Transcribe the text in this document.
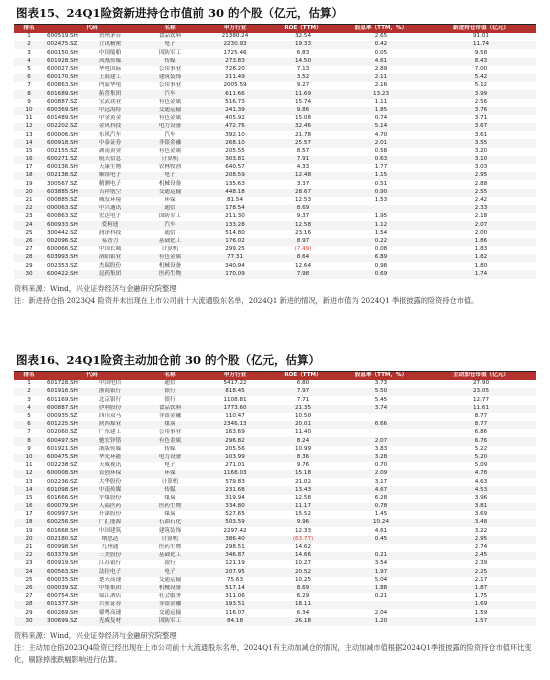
图表15、24Q1险资新进持仓市值前 30 的个股（亿元，估算）
排名	代码		名称	申万行业	ROE（TTM）	股息率（TTM，%）	新进持仓市值（亿元）
1	600519.SH	贵州茅台	食品饮料	21380.24	32.54	2.65	91.01
2	002475.SZ	立讯精密	电子	2230.93	19.33	0.42	11.74
3	600150.SH	中国船舶	国防军工	1725.46	6.83	0.05	9.58
4	601928.SH	凤凰传媒	传媒	273.83	14.50	4.61	8.43
5	600027.SH	华电国际	公用事业	728.20	7.13	2.89	7.00
6	600170.SH	上海建工	建筑装饰	211.49	3.52	2.11	5.42
7	600863.SH	内蒙华电	公用事业	2005.59	9.27	2.16	5.12
8	601689.SH	拓普集团	汽车	611.66	11.69	13.23	3.99
9	600887.SZ	宝武镁业	有色金属	516.73	15.74	1.11	2.56
10	600369.SH	中远海特	交通运输	241.39	9.86	1.85	3.76
11	601489.SH	中金黄金	有色金属	405.92	15.08	0.74	3.71
12	002202.SZ	金风科技	电力设备	472.76	32.46	5.14	3.67
13	600006.SH	东风汽车	汽车	392.10	21.78	4.70	3.61
14	600918.SH	中泰证券	非银金融	268.10	25.57	2.01	3.55
15	002155.SZ	湖南黄金	有色金属	205.55	8.57	0.58	3.20
16	600271.SZ	航天信息	计算机	303.81	7.91	0.63	3.10
17	600136.SH	天康生物	农林牧渔	640.57	4.33	1.77	3.03
18	002138.SZ	顺络电子	电子	208.59	12.48	1.15	2.95
19	300567.SZ	精测电子	机械设备	135.63	3.37	0.51	2.88
20	603885.SH	吉祥航空	交通运输	448.18	28.67	0.90	2.55
21	000885.SZ	城发环境	环保	81.54	12.53	1.53	2.42
22	000063.SZ	中兴通讯	通信	178.54	8.69		2.33
23	600863.SZ	宏达电子	国防军工	211.30	9.37	1.95	2.18
24	600933.SH	爱柯迪	汽车	133.28	12.58	1.12	2.07
25	300442.SZ	润泽科技	通信	514.80	23.16	1.54	2.00
26	002096.SZ	易普力	基础化工	176.02	8.97	0.22	1.86
27	600066.SZ	中国长城	计算机	299.25	(7.49)	0.08	1.83
28	603993.SH	洛阳钼业	有色金属	77.31	8.64	6.89	1.82
29	002353.SZ	杰瑞股份	机械设备	340.94	12.64	0.98	1.80
30	600422.SH	昆药集团	医药生物	170.09	7.98	0.69	1.74
资料来源：Wind，兴业证券经济与金融研究院整理
注：新进持仓指 2023Q4 险资并未出现在上市公司前十大流通股东名单，2024Q1 新进的情况，新进市值为 2024Q1 季报披露的险资持仓市值。
图表16、24Q1险资主动加仓前 30 的个股（亿元，估算）
排名	代码		名称	申万行业	ROE（TTM）	股息率（TTM，%）	主动加仓市值（亿元）
1	601728.SH	中国电信	通信	5417.22	6.80	3.73	27.90
2	601916.SH	浙商银行	银行	818.45	7.97	5.50	23.05
3	601169.SH	北京银行	银行	1108.81	7.71	5.45	12.77
4	600887.SH	伊利股份	食品饮料	1773.60	21.35	3.74	11.61
5	000935.SZ	四川双马	非银金融	110.47	10.50		8.77
6	601225.SH	陕西煤业	煤炭	2346.13	20.01	6.66	8.77
7	002060.SZ	广东建工	公用事业	163.69	11.40		6.86
8	600497.SH	驰宏锌锗	有色金属	296.82	8.24	2.07	6.76
9	601921.SH	浙版传媒	传媒	205.56	10.99	3.83	5.22
10	600475.SH	华光环能	电力设备	103.99	8.36	3.28	5.20
11	002238.SZ	天威视讯	电子	271.01	9.76	0.70	5.09
12	600008.SH	首创环保	环保	1168.03	15.18	2.09	4.78
13	002236.SZ	大华股份	计算机	579.83	21.02	3.17	4.63
14	601098.SH	中南传媒	传媒	231.68	13.43	4.67	4.53
15	601666.SH	平煤股份	煤炭	319.94	12.58	6.28	3.96
16	600079.SH	人福医药	医药生物	334.80	11.17	0.78	3.81
17	600997.SH	开滦股份	煤炭	527.65	15.52	1.45	3.69
18	600256.SH	广汇能源	石油石化	503.59	9.96	10.24	3.48
19	601668.SH	中国建筑	建筑装饰	2297.42	12.33	4.61	3.22
20	002180.SZ	纳思达	计算机	386.40	(63.77)	0.45	2.95
21	600998.SH	九州通	医药生物	298.51	14.62		2.74
22	603379.SH	三美股份	基础化工	346.87	14.66	0.21	2.45
23	600919.SH	江苏银行	银行	121.19	10.27	3.54	2.39
24	600563.SH	法拉电子	电子	207.95	20.52	1.97	2.25
25	600035.SH	楚天高速	交通运输	75.63	10.25	5.04	2.17
26	000039.SZ	中集集团	机械设备	517.14	8.69	1.88	1.87
27	600754.SH	锦江酒店	社会服务	311.06	6.29	0.21	1.75
28	601377.SH	兴业证券	非银金融	193.51	18.11		1.69
29	600269.SH	赣粤高速	交通运输	116.07	6.34	2.04	1.59
30	300699.SZ	光威复材	国防军工	84.18	26.18	1.20	1.57
资料来源：Wind，兴业证券经济与金融研究院整理
注：主动加仓指2023Q4险资已经出现在上市公司前十大流通股东名单，2024Q1有主动加减仓的情况，主动加减市值根据2024Q1季报披露的险资持仓市值环比变化，剔除掉涨跌幅影响进行估算。
